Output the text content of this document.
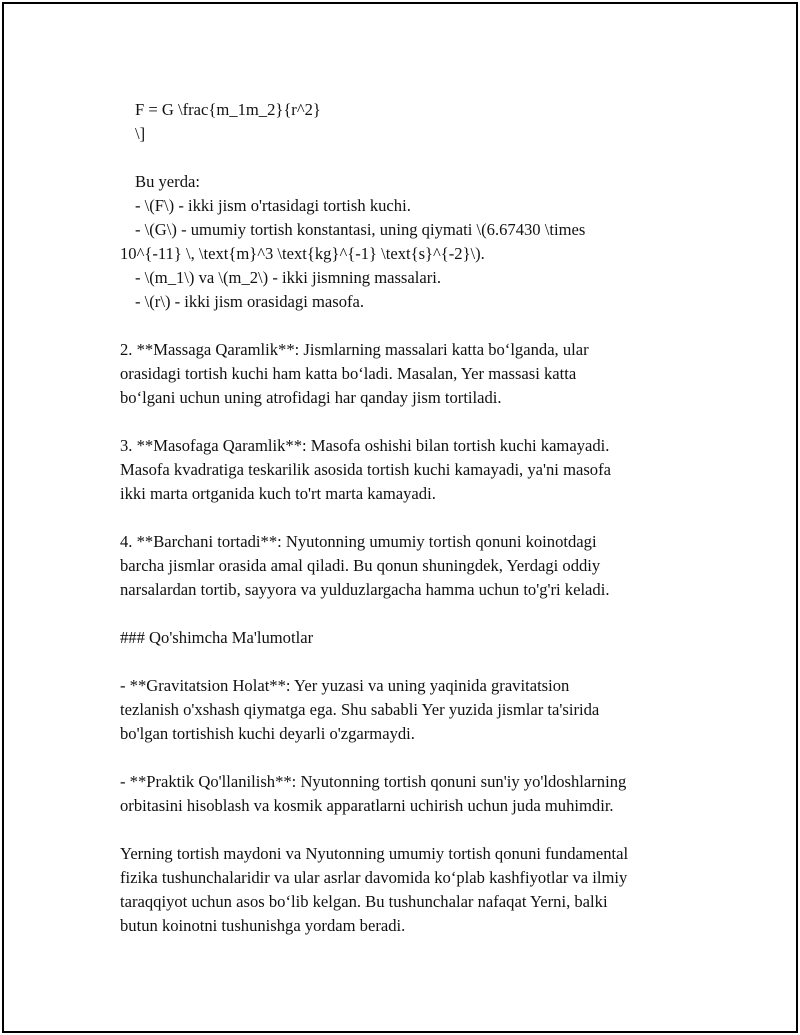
F = G \frac{m_1m_2}{r^2}
\]
Bu yerda:
- \(F\) - ikki jism o'rtasidagi tortish kuchi.
- \(G\) - umumiy tortish konstantasi, uning qiymati \(6.67430 \times
10^{-11} \, \text{m}^3 \text{kg}^{-1} \text{s}^{-2}\).
- \(m_1\) va \(m_2\) - ikki jismning massalari.
- \(r\) - ikki jism orasidagi masofa.
2. **Massaga Qaramlik**: Jismlarning massalari katta bo‘lganda, ular
orasidagi tortish kuchi ham katta bo‘ladi. Masalan, Yer massasi katta
bo‘lgani uchun uning atrofidagi har qanday jism tortiladi.
3. **Masofaga Qaramlik**: Masofa oshishi bilan tortish kuchi kamayadi.
Masofa kvadratiga teskarilik asosida tortish kuchi kamayadi, ya'ni masofa
ikki marta ortganida kuch to'rt marta kamayadi.
4. **Barchani tortadi**: Nyutonning umumiy tortish qonuni koinotdagi
barcha jismlar orasida amal qiladi. Bu qonun shuningdek, Yerdagi oddiy
narsalardan tortib, sayyora va yulduzlargacha hamma uchun to'g'ri keladi.
### Qo'shimcha Ma'lumotlar
- **Gravitatsion Holat**: Yer yuzasi va uning yaqinida gravitatsion
tezlanish o'xshash qiymatga ega. Shu sababli Yer yuzida jismlar ta'sirida
bo'lgan tortishish kuchi deyarli o'zgarmaydi.
- **Praktik Qo'llanilish**: Nyutonning tortish qonuni sun'iy yo'ldoshlarning
orbitasini hisoblash va kosmik apparatlarni uchirish uchun juda muhimdir.
Yerning tortish maydoni va Nyutonning umumiy tortish qonuni fundamental
fizika tushunchalaridir va ular asrlar davomida ko‘plab kashfiyotlar va ilmiy
taraqqiyot uchun asos bo‘lib kelgan. Bu tushunchalar nafaqat Yerni, balki
butun koinotni tushunishga yordam beradi.
